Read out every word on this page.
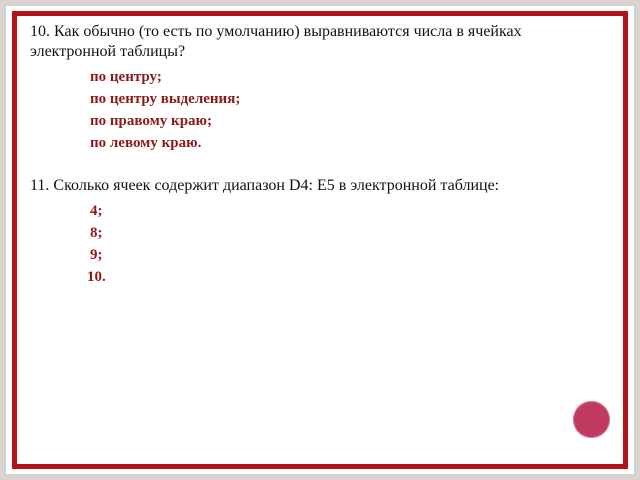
10. Как обычно (то есть по умолчанию) выравниваются числа в ячейках электронной таблицы?

по центру;
по центру выделения;
по правому краю;
по левому краю.

11. Сколько ячеек содержит диапазон D4: E5 в электронной таблице:

4;
8;
9;
10.
